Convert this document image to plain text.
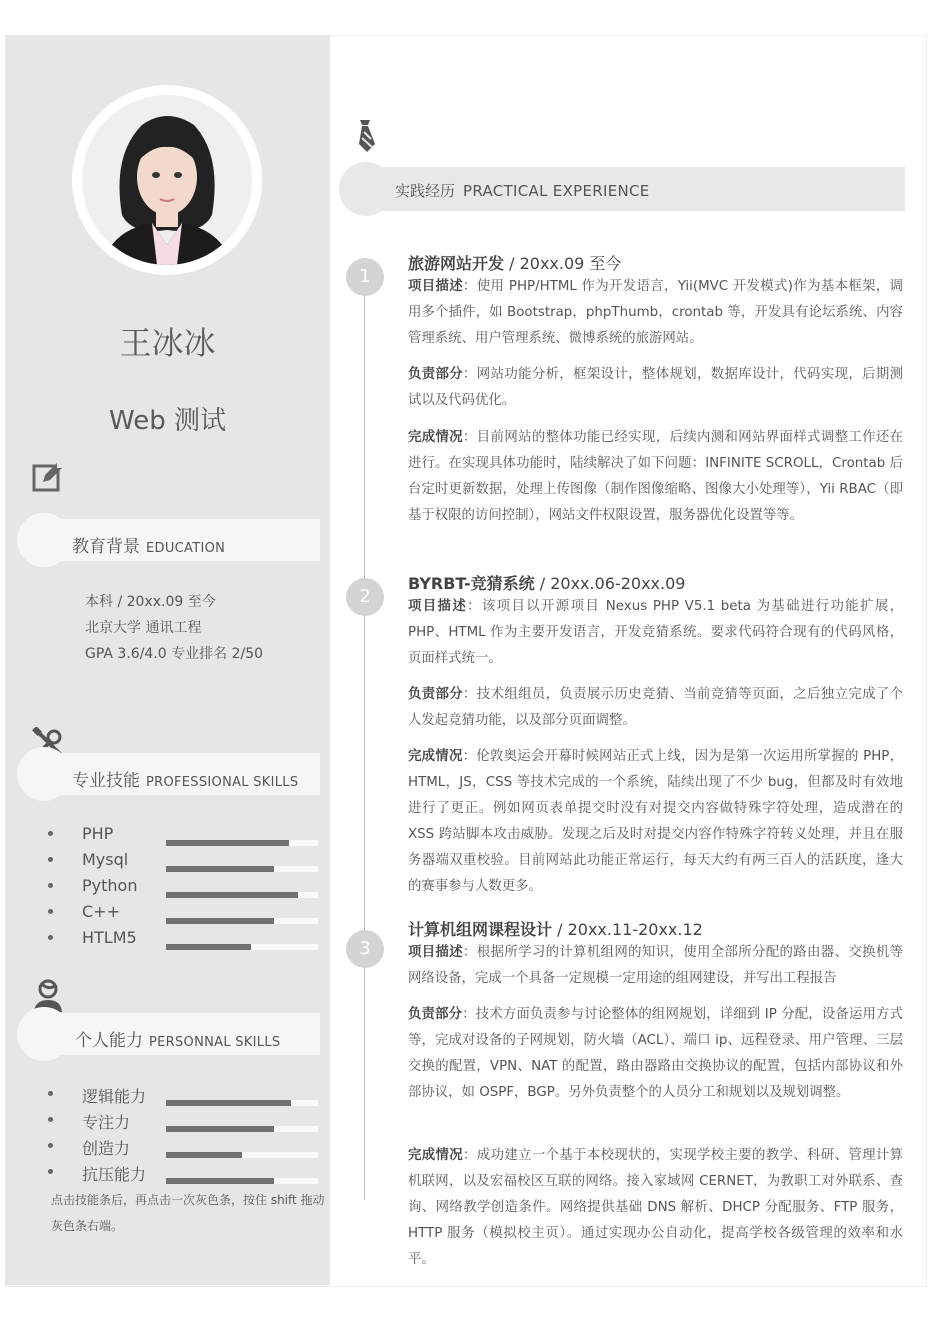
王冰冰
Web 测试
教育背景 EDUCATION
本科 / 20xx.09 至今
北京大学 通讯工程
GPA 3.6/4.0 专业排名 2/50
专业技能 PROFESSIONAL SKILLS
PHP
Mysql
Python
C++
HTLM5
个人能力 PERSONNAL SKILLS
逻辑能力
专注力
创造力
抗压能力
点击技能条后，再点击一次灰色条，按住 shift 拖动灰色条右端。
实践经历 PRACTICAL EXPERIENCE
1
旅游网站开发 / 20xx.09 至今
项目描述：使用 PHP/HTML 作为开发语言，Yii(MVC 开发模式)作为基本框架，调用多个插件，如 Bootstrap，phpThumb，crontab 等，开发具有论坛系统、内容管理系统、用户管理系统、微博系统的旅游网站。
负责部分：网站功能分析，框架设计，整体规划，数据库设计，代码实现，后期测试以及代码优化。
完成情况：目前网站的整体功能已经实现，后续内测和网站界面样式调整工作还在进行。在实现具体功能时，陆续解决了如下问题：INFINITE SCROLL，Crontab 后台定时更新数据，处理上传图像（制作图像缩略、图像大小处理等），Yii RBAC（即基于权限的访问控制），网站文件权限设置，服务器优化设置等等。
2
BYRBT-竞猜系统 / 20xx.06-20xx.09
项目描述：该项目以开源项目 Nexus PHP V5.1 beta 为基础进行功能扩展，PHP、HTML 作为主要开发语言，开发竞猜系统。要求代码符合现有的代码风格，页面样式统一。
负责部分：技术组组员，负责展示历史竞猜、当前竞猜等页面，之后独立完成了个人发起竞猜功能，以及部分页面调整。
完成情况：伦敦奥运会开幕时候网站正式上线，因为是第一次运用所掌握的 PHP，HTML，JS，CSS 等技术完成的一个系统，陆续出现了不少 bug，但都及时有效地进行了更正。例如网页表单提交时没有对提交内容做特殊字符处理，造成潜在的 XSS 跨站脚本攻击威胁。发现之后及时对提交内容作特殊字符转义处理，并且在服务器端双重校验。目前网站此功能正常运行，每天大约有两三百人的活跃度，逢大的赛事参与人数更多。
3
计算机组网课程设计 / 20xx.11-20xx.12
项目描述：根据所学习的计算机组网的知识，使用全部所分配的路由器、交换机等网络设备，完成一个具备一定规模一定用途的组网建设，并写出工程报告
负责部分：技术方面负责参与讨论整体的组网规划，详细到 IP 分配，设备运用方式等，完成对设备的子网规划，防火墙（ACL）、端口 ip、远程登录、用户管理、三层交换的配置，VPN、NAT 的配置，路由器路由交换协议的配置，包括内部协议和外部协议，如 OSPF，BGP。另外负责整个的人员分工和规划以及规划调整。
完成情况：成功建立一个基于本校现状的，实现学校主要的教学、科研、管理计算机联网，以及宏福校区互联的网络。接入家域网 CERNET，为教职工对外联系、查询、网络教学创造条件。网络提供基础 DNS 解析、DHCP 分配服务、FTP 服务，HTTP 服务（模拟校主页）。通过实现办公自动化，提高学校各级管理的效率和水平。
